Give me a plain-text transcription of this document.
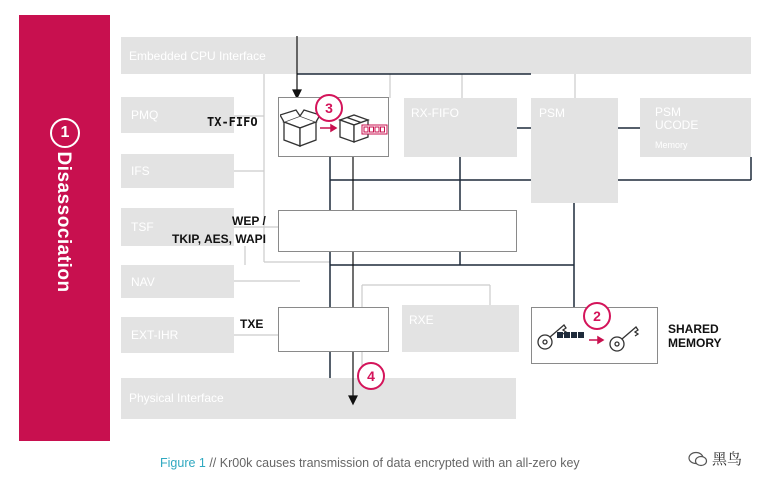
1
Disassociation
Embedded CPU Interface
PMQ
IFS
TSF
NAV
EXT-IHR
Physical Interface
RX-FIFO	PSM	PSM UCODE
Memory
RXE
TX-FIFO
WEP /
TKIP, AES, WAPI
TXE	SHARED
MEMORY
3
2
4
Figure 1 // Kr00k causes transmission of data encrypted with an all-zero key	黑鸟
